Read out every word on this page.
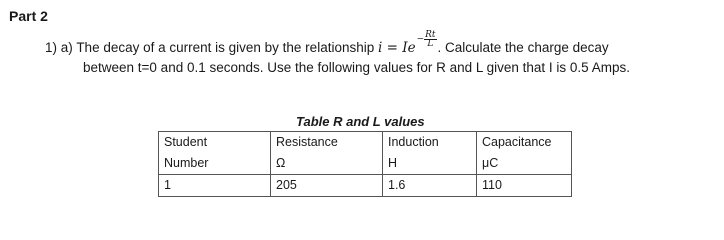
Part 2
1) a) The decay of a current is given by the relationship $i = Ie- \frac{Rt}{L}$ . Calculate the charge decay
between t=0 and 0.1 seconds. Use the following values for R and L given that I is 0.5 Amps.
Table R and L values
Student	Resistance	Induction	Capacitance
Number	Ω	H	μC
1	205	1.6	110
